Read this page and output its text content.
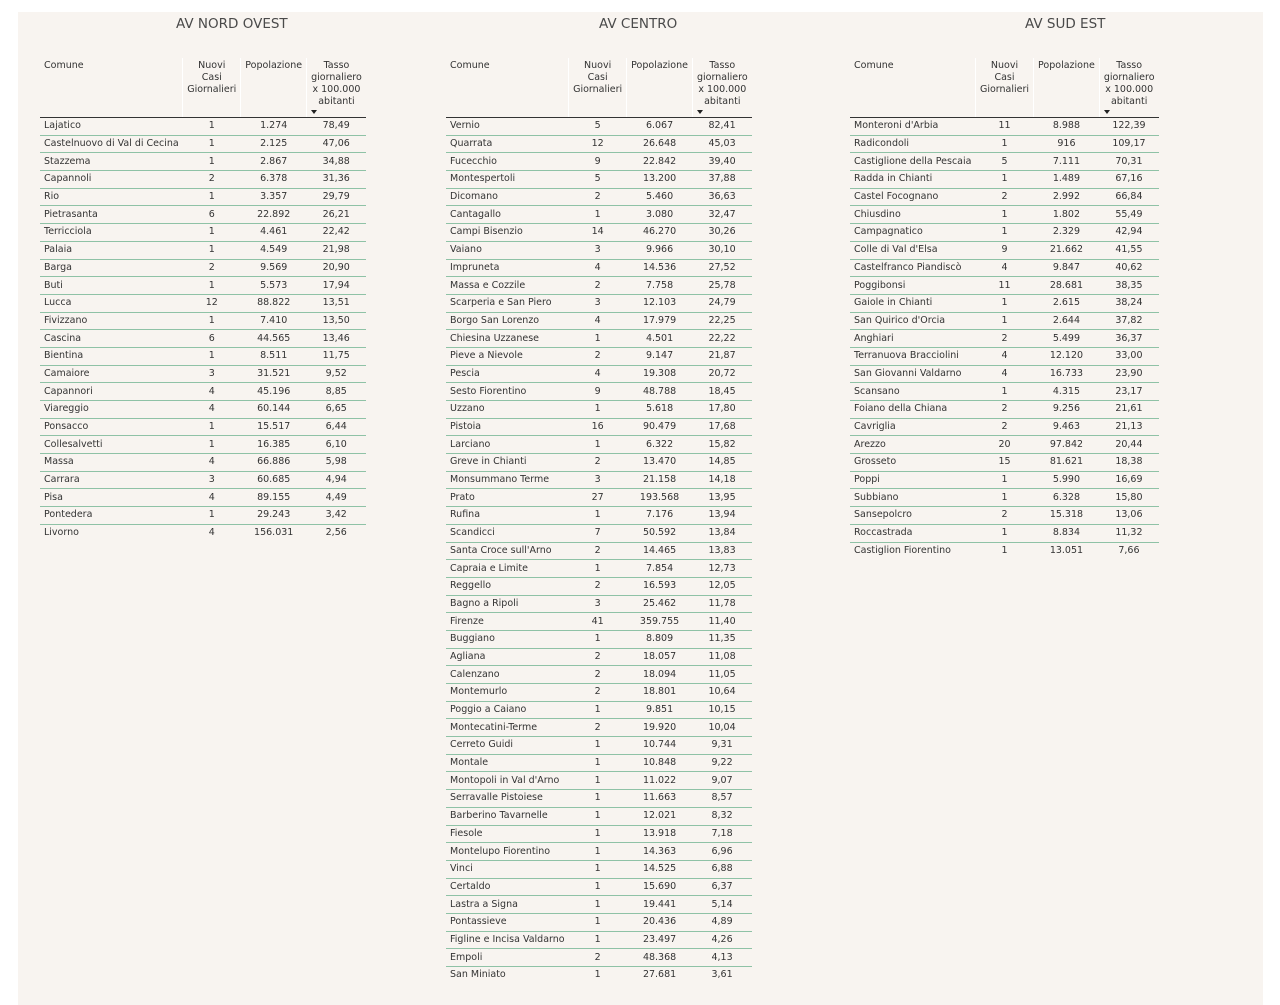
AV NORD OVEST
Comune	Nuovi Casi Giornalieri	Popolazione	Tasso giornaliero x 100.000 abitanti

Lajatico	1	1.274	78,49
Castelnuovo di Val di Cecina	1	2.125	47,06
Stazzema	1	2.867	34,88
Capannoli	2	6.378	31,36
Rio	1	3.357	29,79
Pietrasanta	6	22.892	26,21
Terricciola	1	4.461	22,42
Palaia	1	4.549	21,98
Barga	2	9.569	20,90
Buti	1	5.573	17,94
Lucca	12	88.822	13,51
Fivizzano	1	7.410	13,50
Cascina	6	44.565	13,46
Bientina	1	8.511	11,75
Camaiore	3	31.521	9,52
Capannori	4	45.196	8,85
Viareggio	4	60.144	6,65
Ponsacco	1	15.517	6,44
Collesalvetti	1	16.385	6,10
Massa	4	66.886	5,98
Carrara	3	60.685	4,94
Pisa	4	89.155	4,49
Pontedera	1	29.243	3,42
Livorno	4	156.031	2,56
AV CENTRO
Comune	Nuovi Casi Giornalieri	Popolazione	Tasso giornaliero x 100.000 abitanti

Vernio	5	6.067	82,41
Quarrata	12	26.648	45,03
Fucecchio	9	22.842	39,40
Montespertoli	5	13.200	37,88
Dicomano	2	5.460	36,63
Cantagallo	1	3.080	32,47
Campi Bisenzio	14	46.270	30,26
Vaiano	3	9.966	30,10
Impruneta	4	14.536	27,52
Massa e Cozzile	2	7.758	25,78
Scarperia e San Piero	3	12.103	24,79
Borgo San Lorenzo	4	17.979	22,25
Chiesina Uzzanese	1	4.501	22,22
Pieve a Nievole	2	9.147	21,87
Pescia	4	19.308	20,72
Sesto Fiorentino	9	48.788	18,45
Uzzano	1	5.618	17,80
Pistoia	16	90.479	17,68
Larciano	1	6.322	15,82
Greve in Chianti	2	13.470	14,85
Monsummano Terme	3	21.158	14,18
Prato	27	193.568	13,95
Rufina	1	7.176	13,94
Scandicci	7	50.592	13,84
Santa Croce sull'Arno	2	14.465	13,83
Capraia e Limite	1	7.854	12,73
Reggello	2	16.593	12,05
Bagno a Ripoli	3	25.462	11,78
Firenze	41	359.755	11,40
Buggiano	1	8.809	11,35
Agliana	2	18.057	11,08
Calenzano	2	18.094	11,05
Montemurlo	2	18.801	10,64
Poggio a Caiano	1	9.851	10,15
Montecatini-Terme	2	19.920	10,04
Cerreto Guidi	1	10.744	9,31
Montale	1	10.848	9,22
Montopoli in Val d'Arno	1	11.022	9,07
Serravalle Pistoiese	1	11.663	8,57
Barberino Tavarnelle	1	12.021	8,32
Fiesole	1	13.918	7,18
Montelupo Fiorentino	1	14.363	6,96
Vinci	1	14.525	6,88
Certaldo	1	15.690	6,37
Lastra a Signa	1	19.441	5,14
Pontassieve	1	20.436	4,89
Figline e Incisa Valdarno	1	23.497	4,26
Empoli	2	48.368	4,13
San Miniato	1	27.681	3,61
AV SUD EST
Comune	Nuovi Casi Giornalieri	Popolazione	Tasso giornaliero x 100.000 abitanti

Monteroni d'Arbia	11	8.988	122,39
Radicondoli	1	916	109,17
Castiglione della Pescaia	5	7.111	70,31
Radda in Chianti	1	1.489	67,16
Castel Focognano	2	2.992	66,84
Chiusdino	1	1.802	55,49
Campagnatico	1	2.329	42,94
Colle di Val d'Elsa	9	21.662	41,55
Castelfranco Piandiscò	4	9.847	40,62
Poggibonsi	11	28.681	38,35
Gaiole in Chianti	1	2.615	38,24
San Quirico d'Orcia	1	2.644	37,82
Anghiari	2	5.499	36,37
Terranuova Bracciolini	4	12.120	33,00
San Giovanni Valdarno	4	16.733	23,90
Scansano	1	4.315	23,17
Foiano della Chiana	2	9.256	21,61
Cavriglia	2	9.463	21,13
Arezzo	20	97.842	20,44
Grosseto	15	81.621	18,38
Poppi	1	5.990	16,69
Subbiano	1	6.328	15,80
Sansepolcro	2	15.318	13,06
Roccastrada	1	8.834	11,32
Castiglion Fiorentino	1	13.051	7,66
